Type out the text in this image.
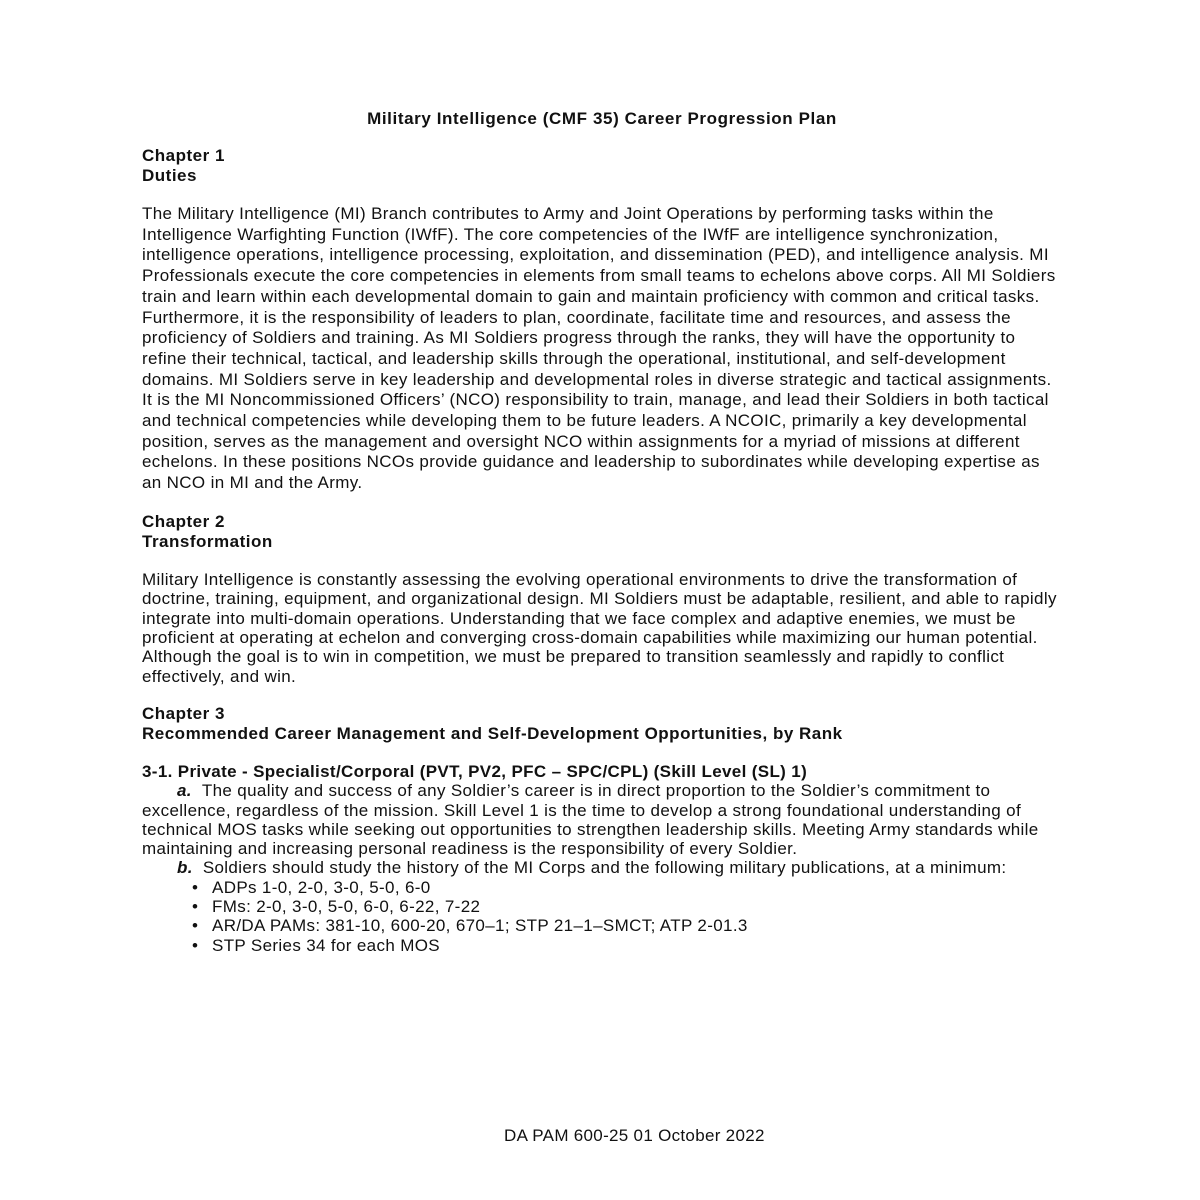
Military Intelligence (CMF 35) Career Progression Plan
Chapter 1
Duties

The Military Intelligence (MI) Branch contributes to Army and Joint Operations by performing tasks within the Intelligence Warfighting Function (IWfF). The core competencies of the IWfF are intelligence synchronization, intelligence operations, intelligence processing, exploitation, and dissemination (PED), and intelligence analysis. MI Professionals execute the core competencies in elements from small teams to echelons above corps. All MI Soldiers train and learn within each developmental domain to gain and maintain proficiency with common and critical tasks. Furthermore, it is the responsibility of leaders to plan, coordinate, facilitate time and resources, and assess the proficiency of Soldiers and training. As MI Soldiers progress through the ranks, they will have the opportunity to refine their technical, tactical, and leadership skills through the operational, institutional, and self-development domains. MI Soldiers serve in key leadership and developmental roles in diverse strategic and tactical assignments. It is the MI Noncommissioned Officers’ (NCO) responsibility to train, manage, and lead their Soldiers in both tactical and technical competencies while developing them to be future leaders. A NCOIC, primarily a key developmental position, serves as the management and oversight NCO within assignments for a myriad of missions at different echelons. In these positions NCOs provide guidance and leadership to subordinates while developing expertise as an NCO in MI and the Army.

Chapter 2
Transformation

Military Intelligence is constantly assessing the evolving operational environments to drive the transformation of doctrine, training, equipment, and organizational design. MI Soldiers must be adaptable, resilient, and able to rapidly integrate into multi-domain operations. Understanding that we face complex and adaptive enemies, we must be proficient at operating at echelon and converging cross-domain capabilities while maximizing our human potential. Although the goal is to win in competition, we must be prepared to transition seamlessly and rapidly to conflict effectively, and win.

Chapter 3
Recommended Career Management and Self-Development Opportunities, by Rank
3-1. Private - Specialist/Corporal (PVT, PV2, PFC – SPC/CPL) (Skill Level (SL) 1)

a. The quality and success of any Soldier’s career is in direct proportion to the Soldier’s commitment to excellence, regardless of the mission. Skill Level 1 is the time to develop a strong foundational understanding of technical MOS tasks while seeking out opportunities to strengthen leadership skills. Meeting Army standards while maintaining and increasing personal readiness is the responsibility of every Soldier.

b. Soldiers should study the history of the MI Corps and the following military publications, at a minimum:

• ADPs 1-0, 2-0, 3-0, 5-0, 6-0
• FMs: 2-0, 3-0, 5-0, 6-0, 6-22, 7-22
• AR/DA PAMs: 381-10, 600-20, 670–1; STP 21–1–SMCT; ATP 2-01.3
• STP Series 34 for each MOS
DA PAM 600-25 01 October 2022
